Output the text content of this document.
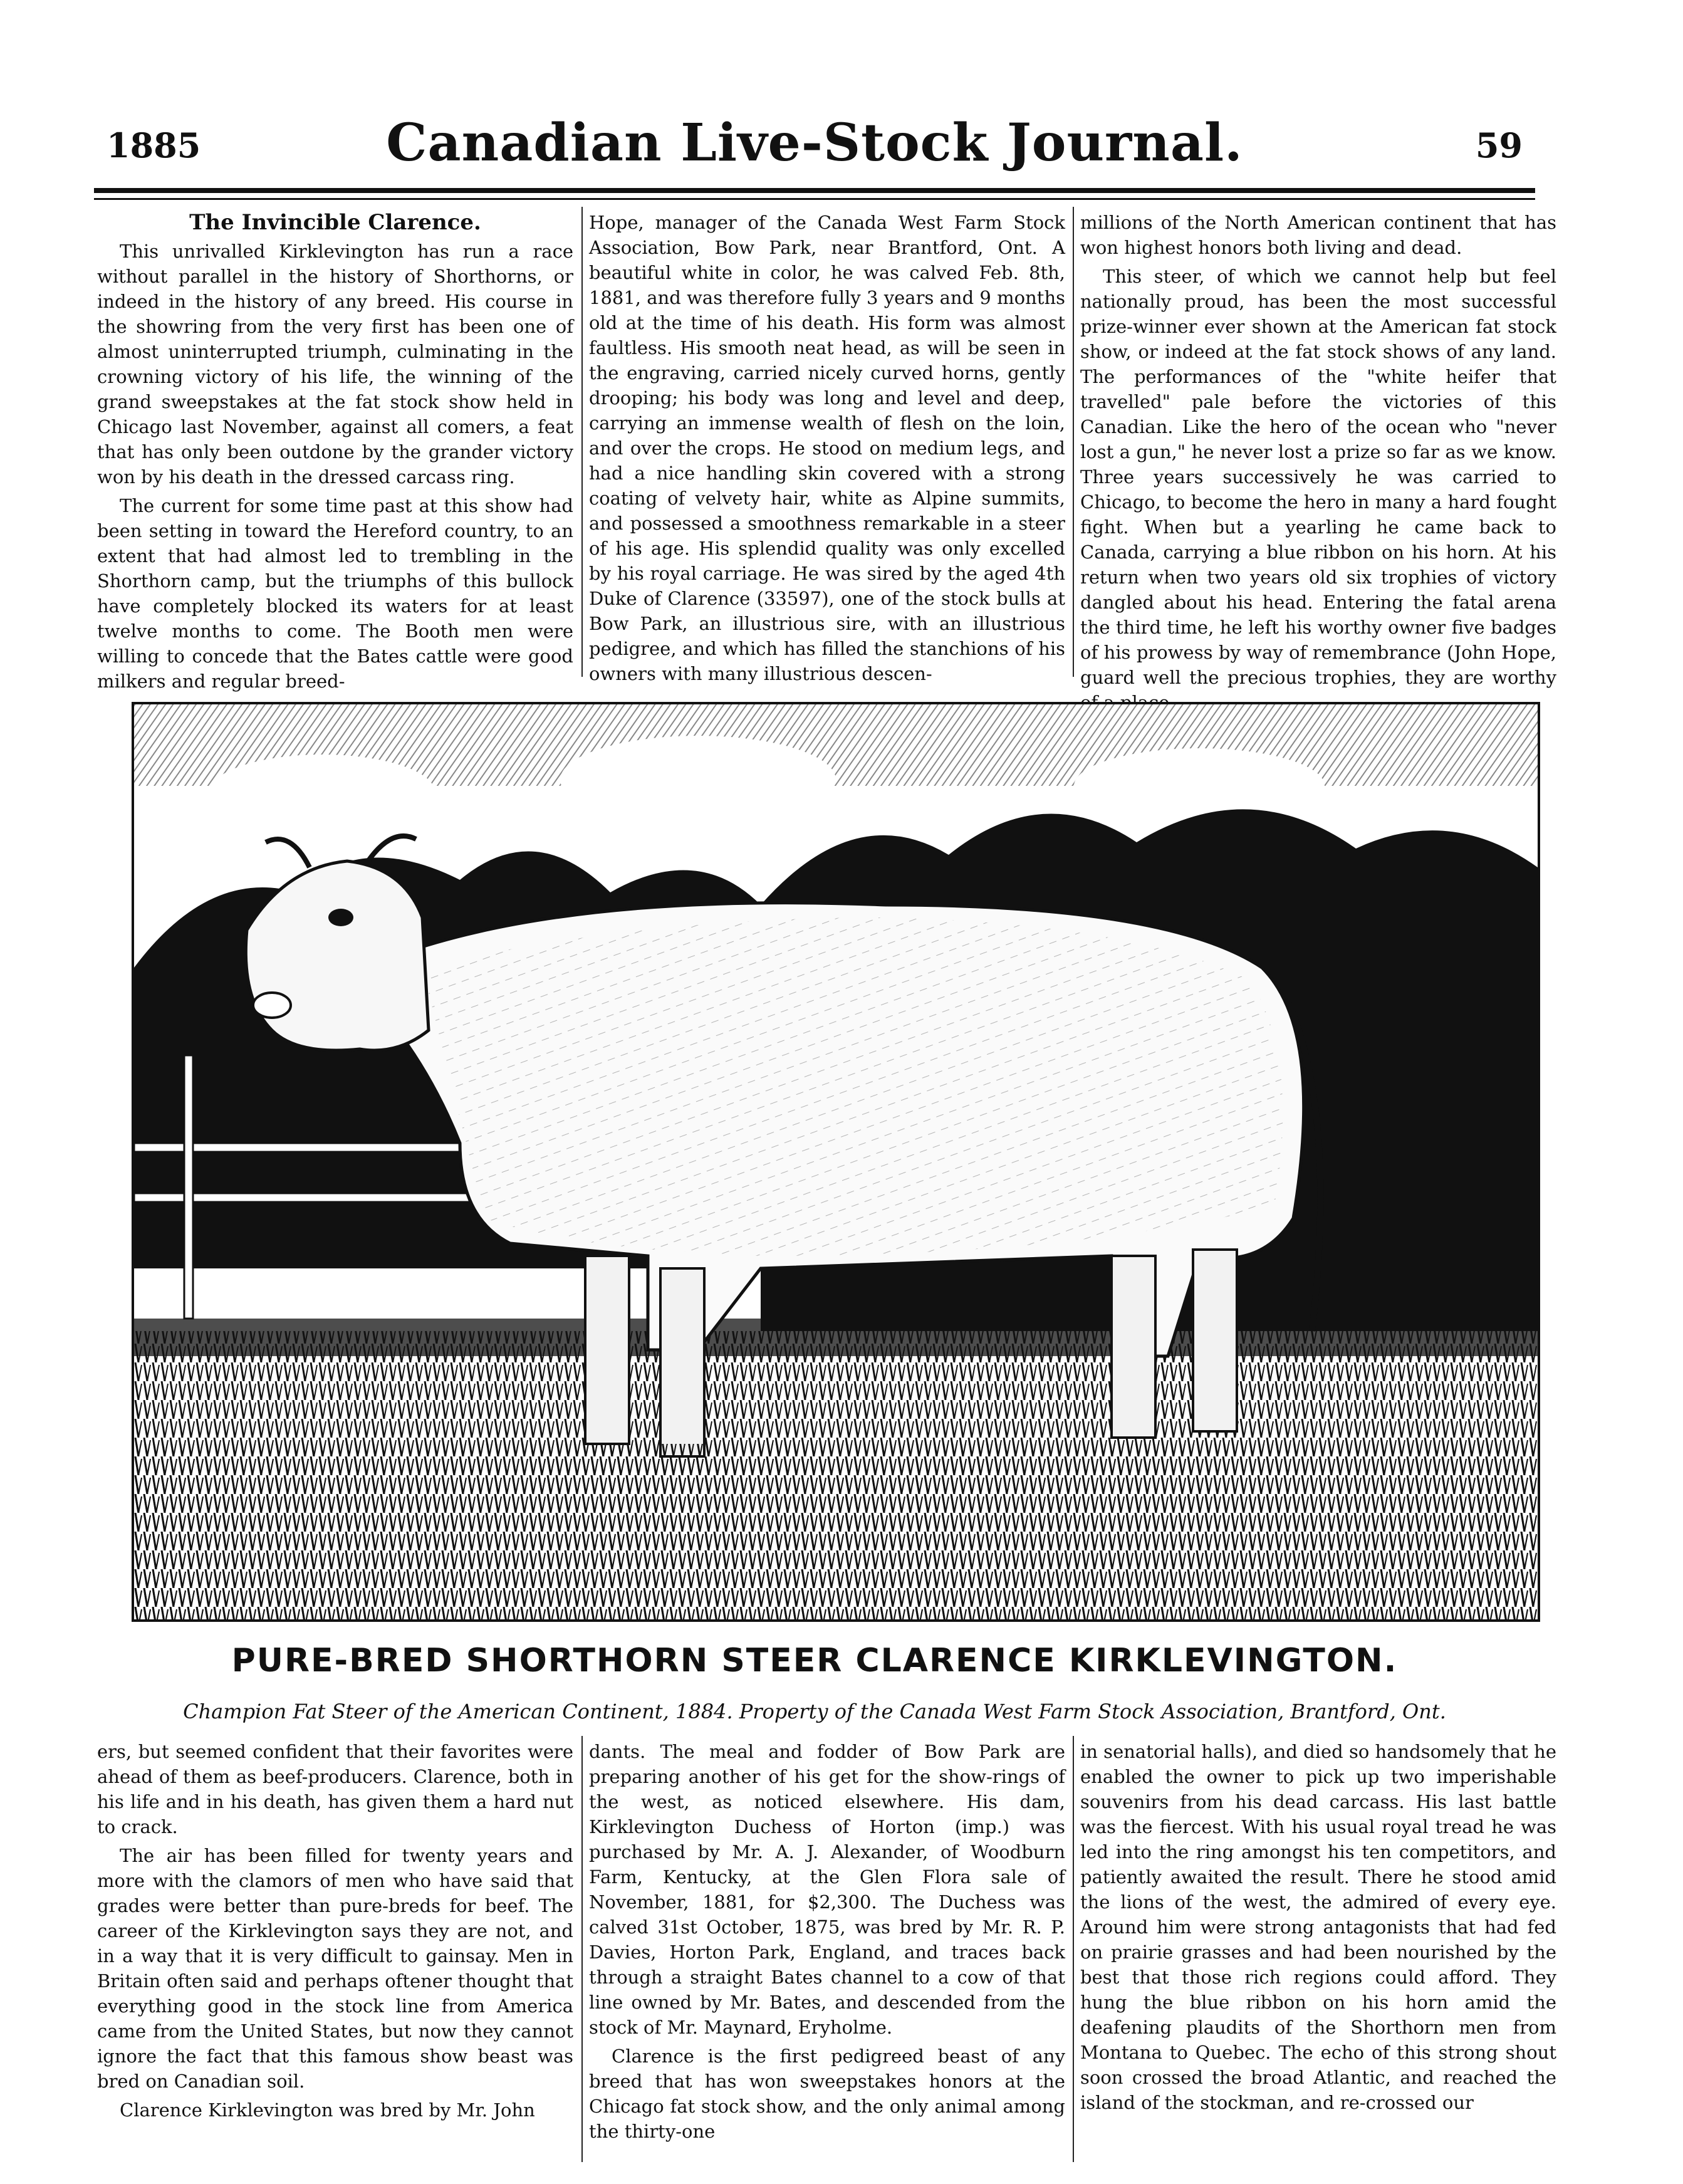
1885	Canadian Live-Stock Journal.	59

The Invincible Clarence.

This unrivalled Kirklevington has run a race without parallel in the history of Shorthorns, or indeed in the history of any breed. His course in the showring from the very first has been one of almost uninterrupted triumph, culminating in the crowning victory of his life, the winning of the grand sweepstakes at the fat stock show held in Chicago last November, against all comers, a feat that has only been outdone by the grander victory won by his death in the dressed carcass ring.

The current for some time past at this show had been setting in toward the Hereford country, to an extent that had almost led to trembling in the Shorthorn camp, but the triumphs of this bullock have completely blocked its waters for at least twelve months to come. The Booth men were willing to concede that the Bates cattle were good milkers and regular breed-

Hope, manager of the Canada West Farm Stock Association, Bow Park, near Brantford, Ont. A beautiful white in color, he was calved Feb. 8th, 1881, and was therefore fully 3 years and 9 months old at the time of his death. His form was almost faultless. His smooth neat head, as will be seen in the engraving, carried nicely curved horns, gently drooping; his body was long and level and deep, carrying an immense wealth of flesh on the loin, and over the crops. He stood on medium legs, and had a nice handling skin covered with a strong coating of velvety hair, white as Alpine summits, and possessed a smoothness remarkable in a steer of his age. His splendid quality was only excelled by his royal carriage. He was sired by the aged 4th Duke of Clarence (33597), one of the stock bulls at Bow Park, an illustrious sire, with an illustrious pedigree, and which has filled the stanchions of his owners with many illustrious descen-

millions of the North American continent that has won highest honors both living and dead.

This steer, of which we cannot help but feel nationally proud, has been the most successful prize-winner ever shown at the American fat stock show, or indeed at the fat stock shows of any land. The performances of the "white heifer that travelled" pale before the victories of this Canadian. Like the hero of the ocean who "never lost a gun," he never lost a prize so far as we know. Three years successively he was carried to Chicago, to become the hero in many a hard fought fight. When but a yearling he came back to Canada, carrying a blue ribbon on his horn. At his return when two years old six trophies of victory dangled about his head. Entering the fatal arena the third time, he left his worthy owner five badges of his prowess by way of remembrance (John Hope, guard well the precious trophies, they are worthy

PURE-BRED SHORTHORN STEER CLARENCE KIRKLEVINGTON.
Champion Fat Steer of the American Continent, 1884. Property of the Canada West Farm Stock Association, Brantford, Ont.

ers, but seemed confident that their favorites were ahead of them as beef-producers. Clarence, both in his life and in his death, has given them a hard nut to crack.

The air has been filled for twenty years and more with the clamors of men who have said that grades were better than pure-breds for beef. The career of the Kirklevington says they are not, and in a way that it is very difficult to gainsay. Men in Britain often said and perhaps oftener thought that everything good in the stock line from America came from the United States, but now they cannot ignore the fact that this famous show beast was bred on Canadian soil.

Clarence Kirklevington was bred by Mr. John

dants. The meal and fodder of Bow Park are preparing another of his get for the show-rings of the west, as noticed elsewhere. His dam, Kirklevington Duchess of Horton (imp.) was purchased by Mr. A. J. Alexander, of Woodburn Farm, Kentucky, at the Glen Flora sale of November, 1881, for $2,300. The Duchess was calved 31st October, 1875, was bred by Mr. R. P. Davies, Horton Park, England, and traces back through a straight Bates channel to a cow of that line owned by Mr. Bates, and descended from the stock of Mr. Maynard, Eryholme.

Clarence is the first pedigreed beast of any breed that has won sweepstakes honors at the Chicago fat stock show, and the only animal among the thirty-one

in senatorial halls), and died so handsomely that he enabled the owner to pick up two imperishable souvenirs from his dead carcass. His last battle was the fiercest. With his usual royal tread he was led into the ring amongst his ten competitors, and patiently awaited the result. There he stood amid the lions of the west, the admired of every eye. Around him were strong antagonists that had fed on prairie grasses and had been nourished by the best that those rich regions could afford. They hung the blue ribbon on his horn amid the deafening plaudits of the Shorthorn men from Montana to Quebec. The echo of this strong shout soon crossed the broad Atlantic, and reached the island of the stockman, and re-crossed our
